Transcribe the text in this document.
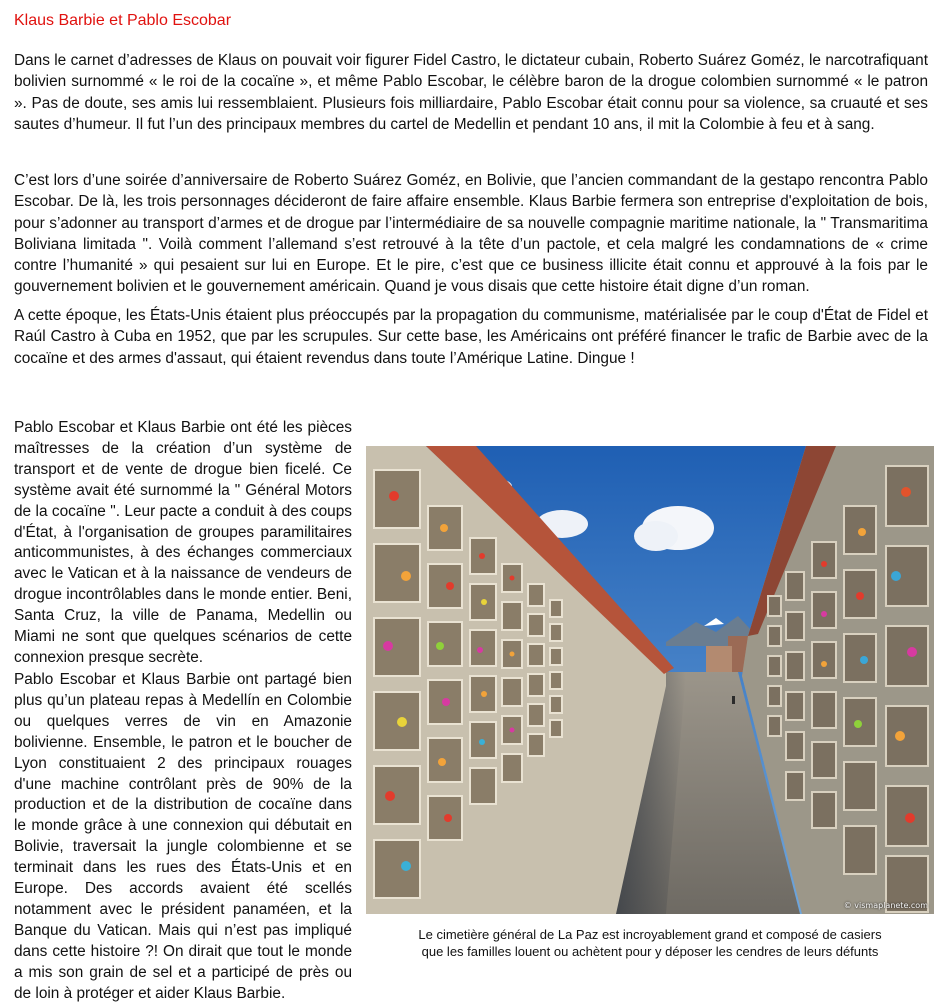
Klaus Barbie et Pablo Escobar

Dans le carnet d’adresses de Klaus on pouvait voir figurer Fidel Castro, le dictateur cubain, Roberto Suárez Goméz, le narcotrafiquant bolivien surnommé « le roi de la cocaïne », et même Pablo Escobar, le célèbre baron de la drogue colombien surnommé « le patron ». Pas de doute, ses amis lui ressemblaient. Plusieurs fois milliardaire, Pablo Escobar était connu pour sa violence, sa cruauté et ses sautes d’humeur. Il fut l’un des principaux membres du cartel de Medellin et pendant 10 ans, il mit la Colombie à feu et à sang.

C’est lors d’une soirée d’anniversaire de Roberto Suárez Goméz, en Bolivie, que l’ancien commandant de la gestapo rencontra Pablo Escobar. De là, les trois personnages décideront de faire affaire ensemble. Klaus Barbie fermera son entreprise d'exploitation de bois, pour s’adonner au transport d’armes et de drogue par l’intermédiaire de sa nouvelle compagnie maritime nationale, la " Transmaritima Boliviana limitada ". Voilà comment l’allemand s’est retrouvé à la tête d’un pactole, et cela malgré les condamnations de « crime contre l’humanité » qui pesaient sur lui en Europe. Et le pire, c’est que ce business illicite était connu et approuvé à la fois par le gouvernement bolivien et le gouvernement américain. Quand je vous disais que cette histoire était digne d’un roman.

A cette époque, les États-Unis étaient plus préoccupés par la propagation du communisme, matérialisée par le coup d'État de Fidel et Raúl Castro à Cuba en 1952, que par les scrupules. Sur cette base, les Américains ont préféré financer le trafic de Barbie avec de la cocaïne et des armes d'assaut, qui étaient revendus dans toute l’Amérique Latine. Dingue !

Pablo Escobar et Klaus Barbie ont été les pièces maîtresses de la création d’un système de transport et de vente de drogue bien ficelé. Ce système avait été surnommé la " Général Motors de la cocaïne ". Leur pacte a conduit à des coups d'État, à l'organisation de groupes paramilitaires anticommunistes, à des échanges commerciaux avec le Vatican et à la naissance de vendeurs de drogue incontrôlables dans le monde entier. Beni, Santa Cruz, la ville de Panama, Medellin ou Miami ne sont que quelques scénarios de cette connexion presque secrète.

Pablo Escobar et Klaus Barbie ont partagé bien plus qu’un plateau repas à Medellín en Colombie ou quelques verres de vin en Amazonie bolivienne. Ensemble, le patron et le boucher de Lyon constituaient 2 des principaux rouages d'une machine contrôlant près de 90% de la production et de la distribution de cocaïne dans le monde grâce à une connexion qui débutait en Bolivie, traversait la jungle colombienne et se terminait dans les rues des États-Unis et en Europe. Des accords avaient été scellés notamment avec le président panaméen, et la Banque du Vatican. Mais qui n’est pas impliqué dans cette histoire ?! On dirait que tout le monde a mis son grain de sel et a participé de près ou de loin à protéger et aider Klaus Barbie.

© vismaplanete.com
Le cimetière général de La Paz est incroyablement grand et composé de casiers
que les familles louent ou achètent pour y déposer les cendres de leurs défunts
